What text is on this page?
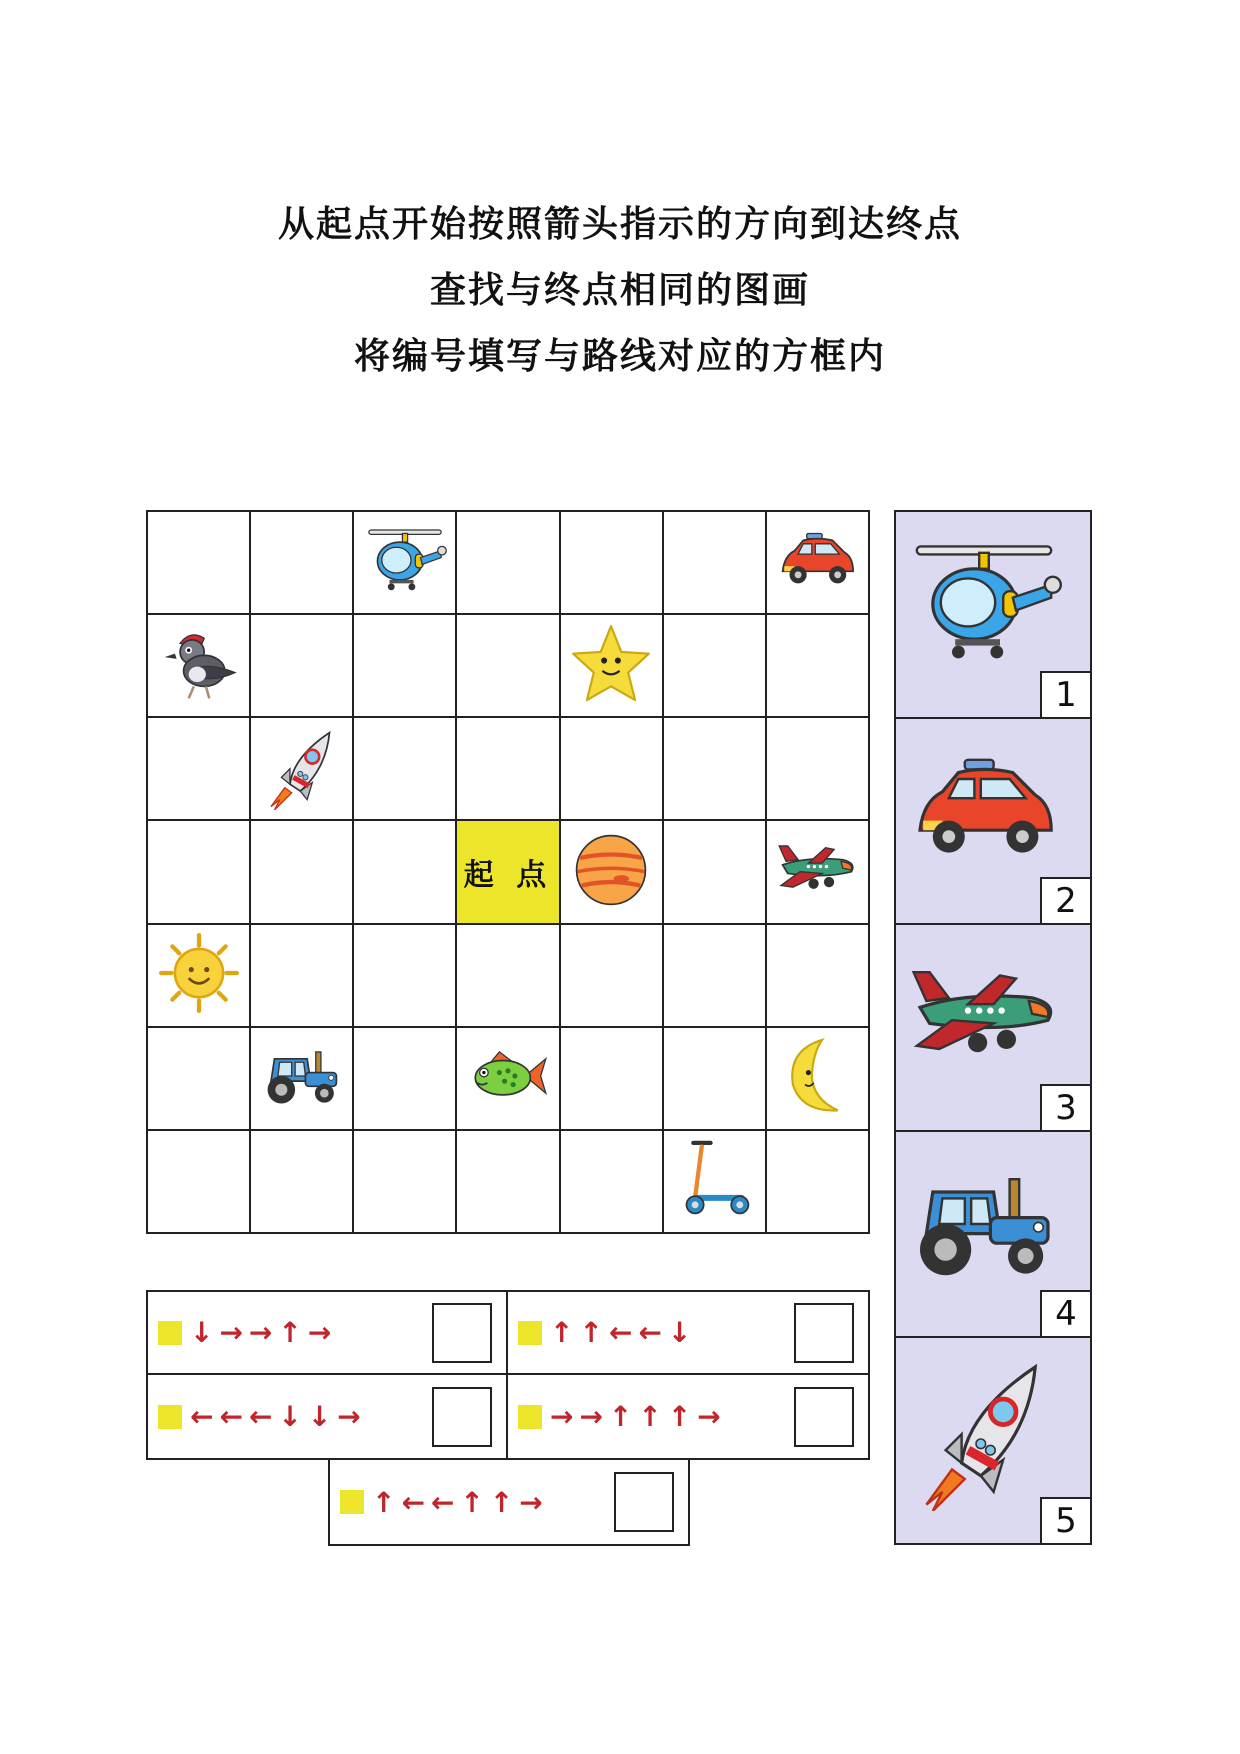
从起点开始按照箭头指示的方向到达终点
查找与终点相同的图画
将编号填写与路线对应的方框内
起 点
1
2
3
4
5
↓→→↑→	↑↑←←↓
←←←↓↓→	→→↑↑↑→
↑←←↑↑→
